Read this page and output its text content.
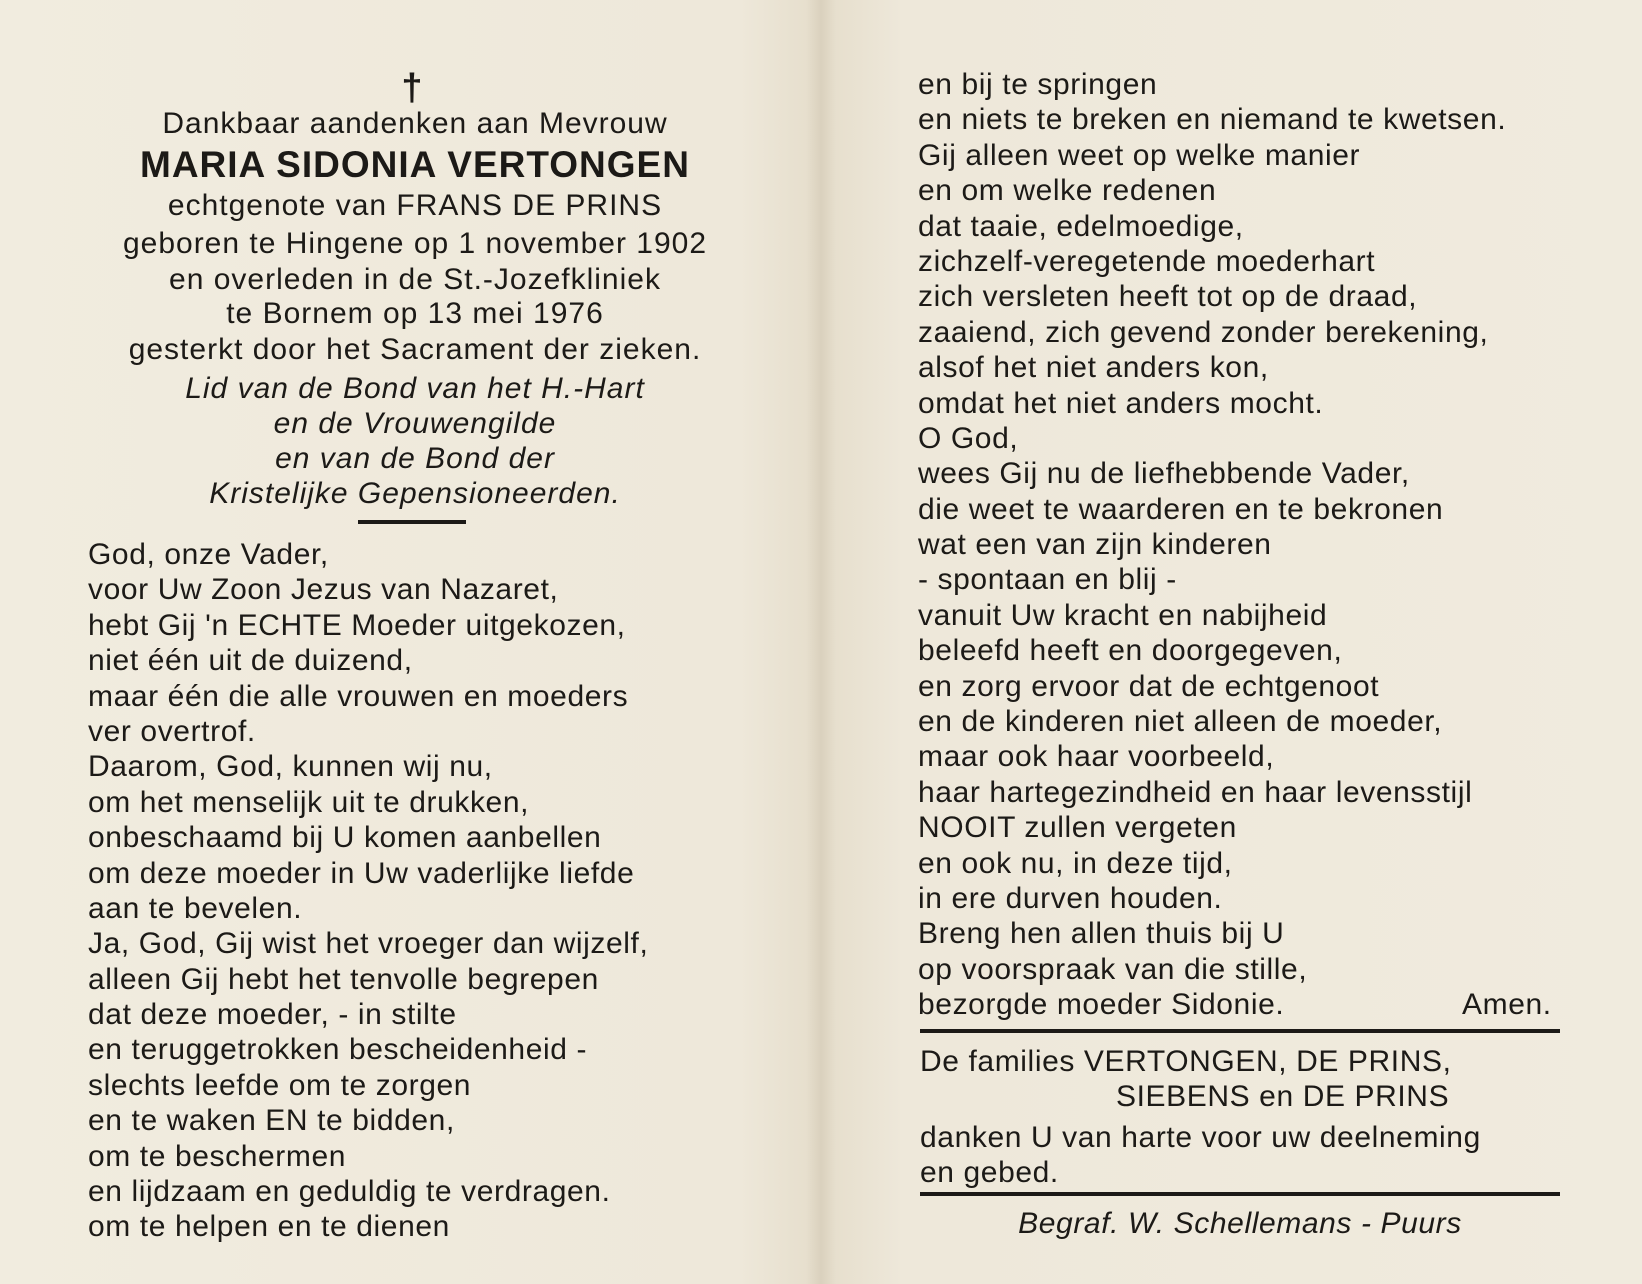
†
Dankbaar aandenken aan Mevrouw
MARIA SIDONIA VERTONGEN
echtgenote van FRANS DE PRINS
geboren te Hingene op 1 november 1902
en overleden in de St.-Jozefkliniek
te Bornem op 13 mei 1976
gesterkt door het Sacrament der zieken.
Lid van de Bond van het H.-Hart
en de Vrouwengilde
en van de Bond der
Kristelijke Gepensioneerden.
God, onze Vader,
voor Uw Zoon Jezus van Nazaret,
hebt Gij 'n ECHTE Moeder uitgekozen,
niet één uit de duizend,
maar één die alle vrouwen en moeders
ver overtrof.
Daarom, God, kunnen wij nu,
om het menselijk uit te drukken,
onbeschaamd bij U komen aanbellen
om deze moeder in Uw vaderlijke liefde
aan te bevelen.
Ja, God, Gij wist het vroeger dan wijzelf,
alleen Gij hebt het tenvolle begrepen
dat deze moeder, - in stilte
en teruggetrokken bescheidenheid -
slechts leefde om te zorgen
en te waken EN te bidden,
om te beschermen
en lijdzaam en geduldig te verdragen.
om te helpen en te dienen
en bij te springen
en niets te breken en niemand te kwetsen.
Gij alleen weet op welke manier
en om welke redenen
dat taaie, edelmoedige,
zichzelf-veregetende moederhart
zich versleten heeft tot op de draad,
zaaiend, zich gevend zonder berekening,
alsof het niet anders kon,
omdat het niet anders mocht.
O God,
wees Gij nu de liefhebbende Vader,
die weet te waarderen en te bekronen
wat een van zijn kinderen
- spontaan en blij -
vanuit Uw kracht en nabijheid
beleefd heeft en doorgegeven,
en zorg ervoor dat de echtgenoot
en de kinderen niet alleen de moeder,
maar ook haar voorbeeld,
haar hartegezindheid en haar levensstijl
NOOIT zullen vergeten
en ook nu, in deze tijd,
in ere durven houden.
Breng hen allen thuis bij U
op voorspraak van die stille,
bezorgde moeder Sidonie.	Amen.
De families VERTONGEN, DE PRINS,
SIEBENS en DE PRINS
danken U van harte voor uw deelneming
en gebed.
Begraf. W. Schellemans - Puurs
